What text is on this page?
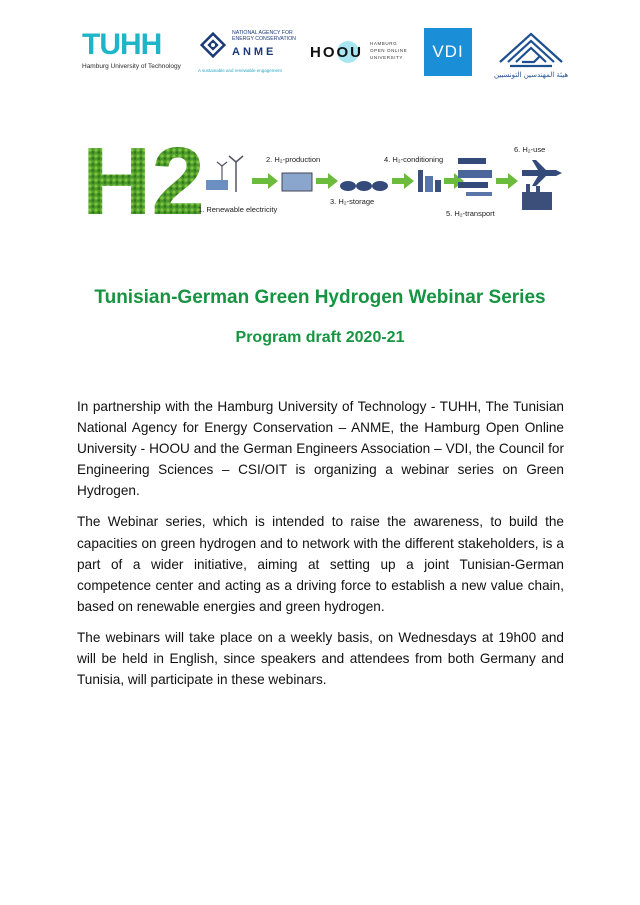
TUHH
Hamburg University of Technology
NATIONAL AGENCY FOR ENERGY CONSERVATION
ANME
A sustainable and renewable engagement
HOOU
HAMBURG OPEN ONLINE UNIVERSITY	VDI
هيئة المهندسين التونسيين
H2
1. Renewable electricity
2. H₂-production
3. H₂-storage
4. H₂-conditioning
5. H₂-transport
6. H₂-use
Tunisian-German Green Hydrogen Webinar Series
Program draft 2020-21

In partnership with the Hamburg University of Technology - TUHH, The Tunisian National Agency for Energy Conservation – ANME, the Hamburg Open Online University - HOOU and the German Engineers Association – VDI, the Council for Engineering Sciences – CSI/OIT is organizing a webinar series on Green Hydrogen.

The Webinar series, which is intended to raise the awareness, to build the capacities on green hydrogen and to network with the different stakeholders, is a part of a wider initiative, aiming at setting up a joint Tunisian-German competence center and acting as a driving force to establish a new value chain, based on renewable energies and green hydrogen.

The webinars will take place on a weekly basis, on Wednesdays at 19h00 and will be held in English, since speakers and attendees from both Germany and Tunisia, will participate in these webinars.
